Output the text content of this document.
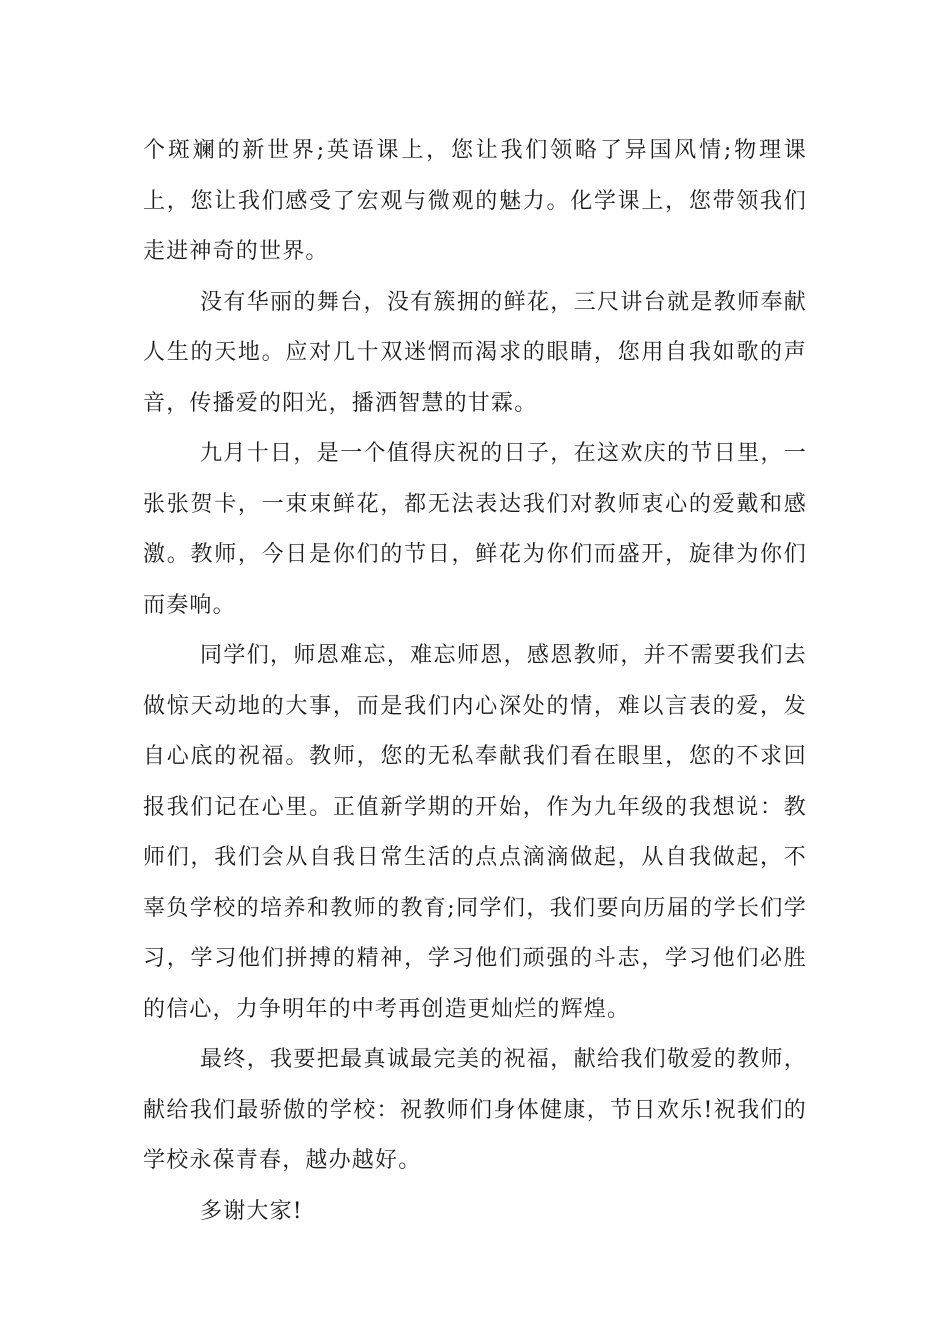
个斑斓的新世界;英语课上，您让我们领略了异国风情;物理课上，您让我们感受了宏观与微观的魅力。化学课上，您带领我们走进神奇的世界。

没有华丽的舞台，没有簇拥的鲜花，三尺讲台就是教师奉献人生的天地。应对几十双迷惘而渴求的眼睛，您用自我如歌的声音，传播爱的阳光，播洒智慧的甘霖。

九月十日，是一个值得庆祝的日子，在这欢庆的节日里，一张张贺卡，一束束鲜花，都无法表达我们对教师衷心的爱戴和感激。教师，今日是你们的节日，鲜花为你们而盛开，旋律为你们而奏响。

同学们，师恩难忘，难忘师恩，感恩教师，并不需要我们去做惊天动地的大事，而是我们内心深处的情，难以言表的爱，发自心底的祝福。教师，您的无私奉献我们看在眼里，您的不求回报我们记在心里。正值新学期的开始，作为九年级的我想说：教师们，我们会从自我日常生活的点点滴滴做起，从自我做起，不辜负学校的培养和教师的教育;同学们，我们要向历届的学长们学习，学习他们拼搏的精神，学习他们顽强的斗志，学习他们必胜的信心，力争明年的中考再创造更灿烂的辉煌。

最终，我要把最真诚最完美的祝福，献给我们敬爱的教师，献给我们最骄傲的学校：祝教师们身体健康，节日欢乐!祝我们的学校永葆青春，越办越好。

多谢大家!
